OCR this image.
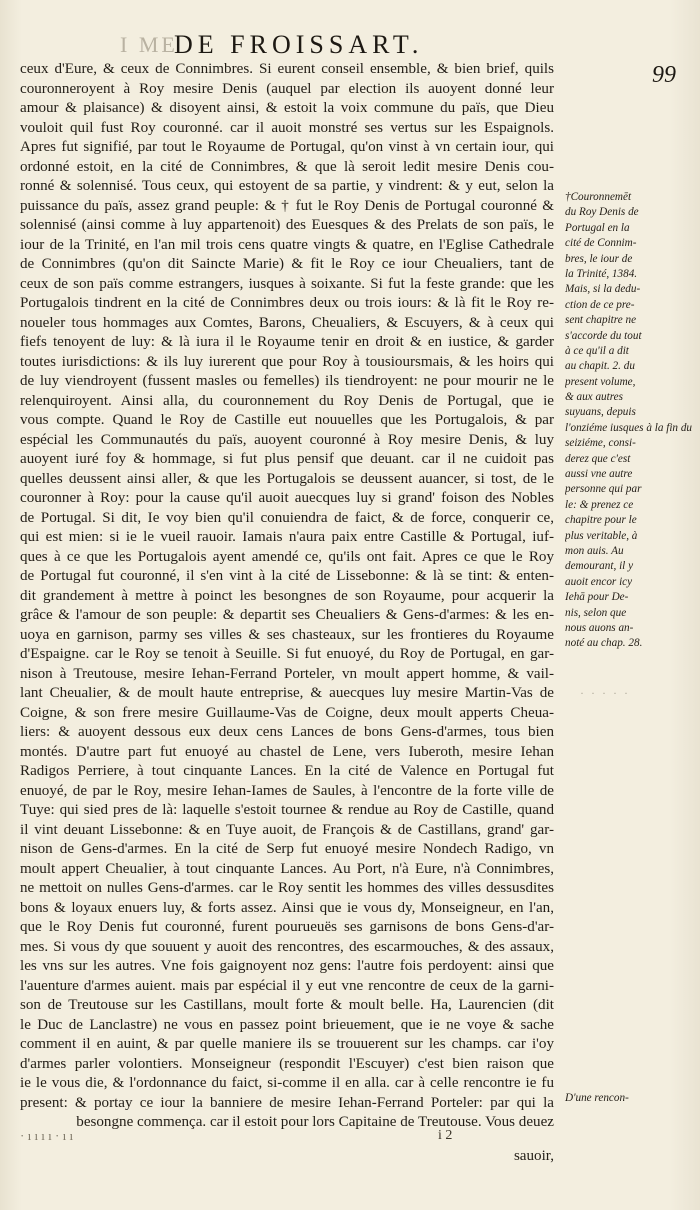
I ME
DE FROISSART.
99
ceux d'Eure, & ceux de Connimbres. Si eurent conseil ensemble, & bien brief, quils
couronneroyent à Roy mesire Denis (auquel par election ils auoyent donné leur
amour & plaisance) & disoyent ainsi, & estoit la voix commune du païs, que Dieu
vouloit quil fust Roy couronné. car il auoit monstré ses vertus sur les Espaignols.
Apres fut signifié, par tout le Royaume de Portugal, qu'on vinst à vn certain iour, qui
ordonné estoit, en la cité de Connimbres, & que là seroit ledit mesire Denis cou-
ronné & solennisé. Tous ceux, qui estoyent de sa partie, y vindrent: & y eut, selon la
puissance du païs, assez grand peuple: & † fut le Roy Denis de Portugal couronné &
solennisé (ainsi comme à luy appartenoit) des Euesques & des Prelats de son païs, le
iour de la Trinité, en l'an mil trois cens quatre vingts & quatre, en l'Eglise Cathedrale
de Connimbres (qu'on dit Saincte Marie) & fit le Roy ce iour Cheualiers, tant de
ceux de son païs comme estrangers, iusques à soixante. Si fut la feste grande: que les
Portugalois tindrent en la cité de Connimbres deux ou trois iours: & là fit le Roy re-
noueler tous hommages aux Comtes, Barons, Cheualiers, & Escuyers, & à ceux qui
fiefs tenoyent de luy: & là iura il le Royaume tenir en droit & en iustice, & garder
toutes iurisdictions: & ils luy iurerent que pour Roy à tousioursmais, & les hoirs qui
de luy viendroyent (fussent masles ou femelles) ils tiendroyent: ne pour mourir ne le
relenquiroyent. Ainsi alla, du couronnement du Roy Denis de Portugal, que ie
vous compte. Quand le Roy de Castille eut nouuelles que les Portugalois, & par
espécial les Communautés du païs, auoyent couronné à Roy mesire Denis, & luy
auoyent iuré foy & hommage, si fut plus pensif que deuant. car il ne cuidoit pas
quelles deussent ainsi aller, & que les Portugalois se deussent auancer, si tost, de le
couronner à Roy: pour la cause qu'il auoit auecques luy si grand' foison des Nobles
de Portugal. Si dit, Ie voy bien qu'il conuiendra de faict, & de force, conquerir ce,
qui est mien: si ie le vueil rauoir. Iamais n'aura paix entre Castille & Portugal, iuf-
ques à ce que les Portugalois ayent amendé ce, qu'ils ont fait. Apres ce que le Roy
de Portugal fut couronné, il s'en vint à la cité de Lissebonne: & là se tint: & enten-
dit grandement à mettre à poinct les besongnes de son Royaume, pour acquerir la
grâce & l'amour de son peuple: & departit ses Cheualiers & Gens-d'armes: & les en-
uoya en garnison, parmy ses villes & ses chasteaux, sur les frontieres du Royaume
d'Espaigne. car le Roy se tenoit à Seuille. Si fut enuoyé, du Roy de Portugal, en gar-
nison à Treutouse, mesire Iehan-Ferrand Porteler, vn moult appert homme, & vail-
lant Cheualier, & de moult haute entreprise, & auecques luy mesire Martin-Vas de
Coigne, & son frere mesire Guillaume-Vas de Coigne, deux moult apperts Cheua-
liers: & auoyent dessous eux deux cens Lances de bons Gens-d'armes, tous bien
montés. D'autre part fut enuoyé au chastel de Lene, vers Iuberoth, mesire Iehan
Radigos Perriere, à tout cinquante Lances. En la cité de Valence en Portugal fut
enuoyé, de par le Roy, mesire Iehan-Iames de Saules, à l'encontre de la forte ville de
Tuye: qui sied pres de là: laquelle s'estoit tournee & rendue au Roy de Castille, quand
il vint deuant Lissebonne: & en Tuye auoit, de François & de Castillans, grand' gar-
nison de Gens-d'armes. En la cité de Serp fut enuoyé mesire Nondech Radigo, vn
moult appert Cheualier, à tout cinquante Lances. Au Port, n'à Eure, n'à Connimbres,
ne mettoit on nulles Gens-d'armes. car le Roy sentit les hommes des villes dessusdites
bons & loyaux enuers luy, & forts assez. Ainsi que ie vous dy, Monseigneur, en l'an,
que le Roy Denis fut couronné, furent pourueuës ses garnisons de bons Gens-d'ar-
mes. Si vous dy que souuent y auoit des rencontres, des escarmouches, & des assaux,
les vns sur les autres. Vne fois gaignoyent noz gens: l'autre fois perdoyent: ainsi que
l'auenture d'armes auient. mais par espécial il y eut vne rencontre de ceux de la garni-
son de Treutouse sur les Castillans, moult forte & moult belle. Ha, Laurencien (dit
le Duc de Lanclastre) ne vous en passez point brieuement, que ie ne voye & sache
comment il en auint, & par quelle maniere ils se trouuerent sur les champs. car i'oy
d'armes parler volontiers. Monseigneur (respondit l'Escuyer) c'est bien raison que
ie le vous die, & l'ordonnance du faict, si-comme il en alla. car à celle rencontre ie fu
present: & portay ce iour la banniere de mesire Iehan-Ferrand Porteler: par qui la
besongne commença. car il estoit pour lors Capitaine de Treutouse. Vous deuez
†Couronnemēt
du Roy Denis de
Portugal en la
cité de Connim-
bres, le iour de
la Trinité, 1384.
Mais, si la dedu-
ction de ce pre-
sent chapitre ne
s'accorde du tout
à ce qu'il a dit
au chapit. 2. du
present volume,
& aux autres
suyuans, depuis
l'onziéme iusques à la fin du
seiziéme, consi-
derez que c'est
aussi vne autre
personne qui par
le: & prenez ce
chapitre pour le
plus veritable, à
mon auis. Au
demourant, il y
auoit encor icy
Iehā pour De-
nis, selon que
nous auons an-
noté au chap. 28.
· · · · ·
D'une rencon-
· ı ı ı ı · ı ı	i 2
sauoir,
